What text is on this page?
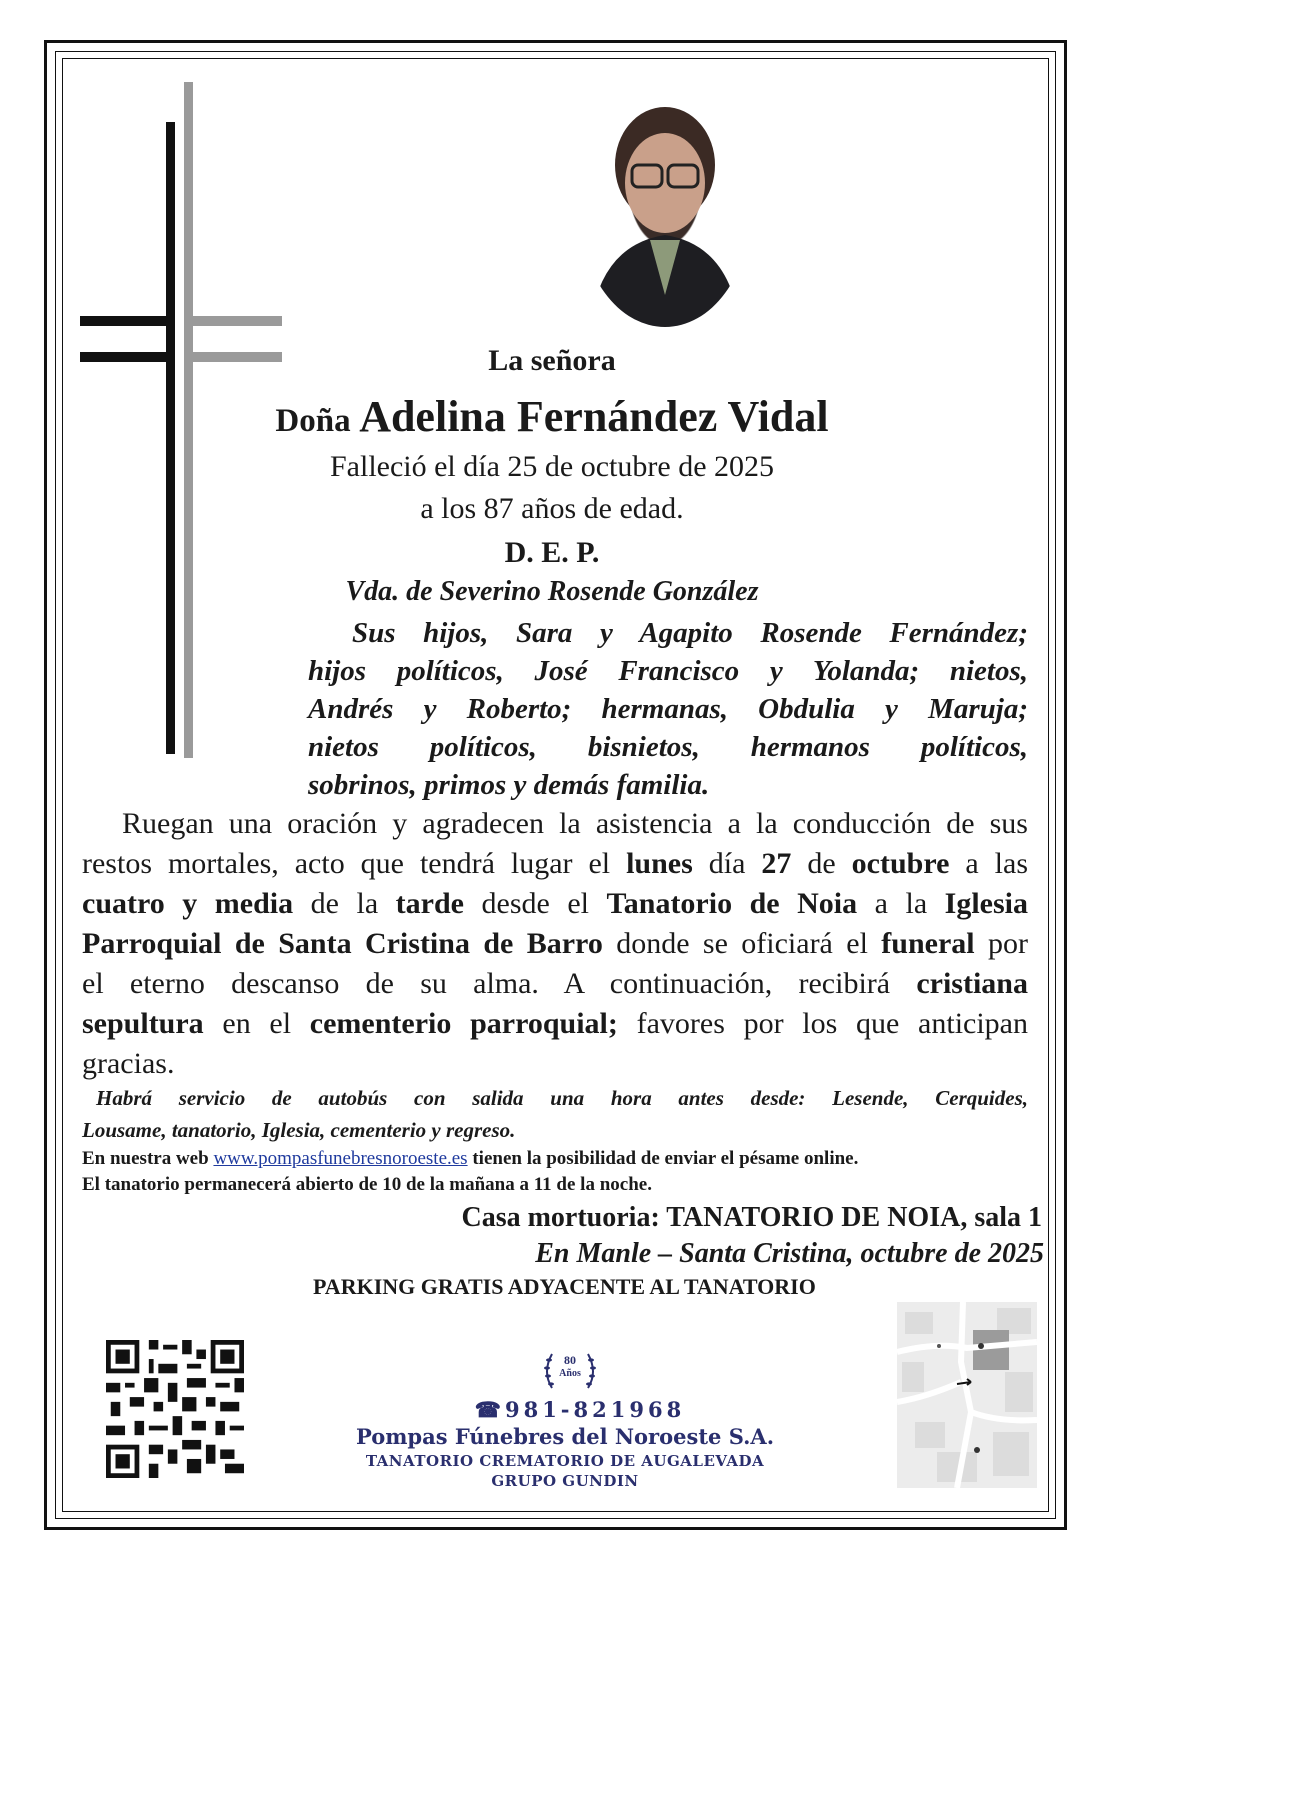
La señora
Doña Adelina Fernández Vidal
Falleció el día 25 de octubre de 2025
a los 87 años de edad.
D. E. P.
Vda. de Severino Rosende González
Sus hijos, Sara y Agapito Rosende Fernández;
hijos políticos, José Francisco y Yolanda; nietos,
Andrés y Roberto; hermanas, Obdulia y Maruja;
nietos políticos, bisnietos, hermanos políticos,
sobrinos, primos y demás familia.
Ruegan una oración y agradecen la asistencia a la conducción de sus
restos mortales, acto que tendrá lugar el lunes día 27 de octubre a las
cuatro y media de la tarde desde el Tanatorio de Noia a la Iglesia
Parroquial de Santa Cristina de Barro donde se oficiará el funeral por
el eterno descanso de su alma. A continuación, recibirá cristiana
sepultura en el cementerio parroquial; favores por los que anticipan
gracias.
Habrá servicio de autobús con salida una hora antes desde: Lesende, Cerquides,
Lousame, tanatorio, Iglesia, cementerio y regreso.
En nuestra web www.pompasfunebresnoroeste.es tienen la posibilidad de enviar el pésame online.
El tanatorio permanecerá abierto de 10 de la mañana a 11 de la noche.
Casa mortuoria: TANATORIO DE NOIA, sala 1
En Manle – Santa Cristina, octubre de 2025
PARKING GRATIS ADYACENTE AL TANATORIO
80
Años
☎981-821968
Pompas Fúnebres del Noroeste S.A.
TANATORIO CREMATORIO DE AUGALEVADA
GRUPO GUNDIN
